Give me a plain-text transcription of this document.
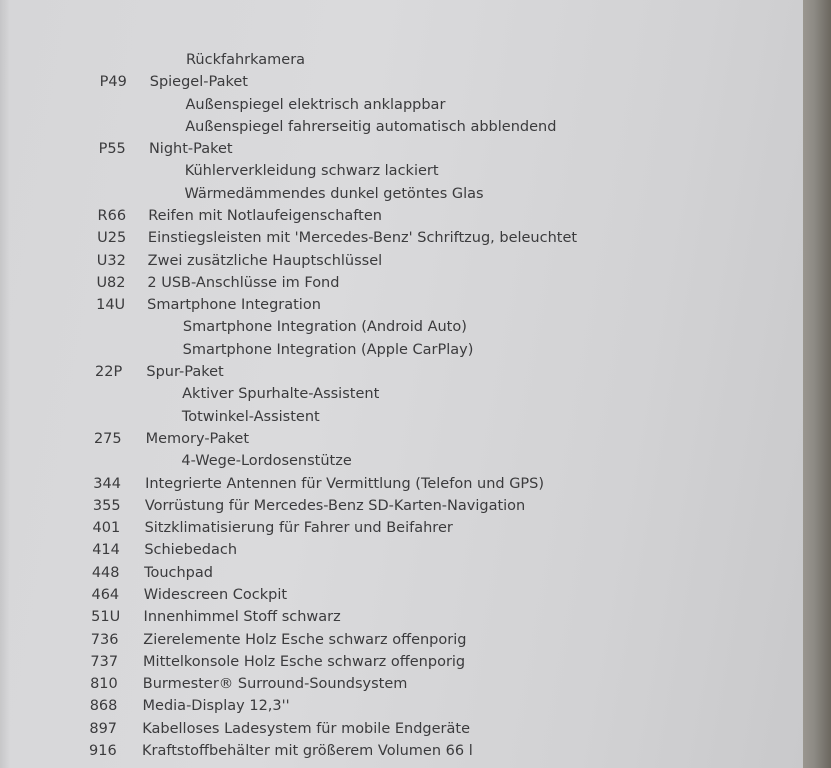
Rückfahrkamera
P49 Spiegel-Paket
Außenspiegel elektrisch anklappbar
Außenspiegel fahrerseitig automatisch abblendend
P55 Night-Paket
Kühlerverkleidung schwarz lackiert
Wärmedämmendes dunkel getöntes Glas
R66 Reifen mit Notlaufeigenschaften
U25 Einstiegsleisten mit 'Mercedes-Benz' Schriftzug, beleuchtet
U32 Zwei zusätzliche Hauptschlüssel
U82 2 USB-Anschlüsse im Fond
14U Smartphone Integration
Smartphone Integration (Android Auto)
Smartphone Integration (Apple CarPlay)
22P Spur-Paket
Aktiver Spurhalte-Assistent
Totwinkel-Assistent
275 Memory-Paket
4-Wege-Lordosenstütze
344 Integrierte Antennen für Vermittlung (Telefon und GPS)
355 Vorrüstung für Mercedes-Benz SD-Karten-Navigation
401 Sitzklimatisierung für Fahrer und Beifahrer
414 Schiebedach
448 Touchpad
464 Widescreen Cockpit
51U Innenhimmel Stoff schwarz
736 Zierelemente Holz Esche schwarz offenporig
737 Mittelkonsole Holz Esche schwarz offenporig
810 Burmester® Surround-Soundsystem
868 Media-Display 12,3''
897 Kabelloses Ladesystem für mobile Endgeräte
916 Kraftstoffbehälter mit größerem Volumen 66 l
